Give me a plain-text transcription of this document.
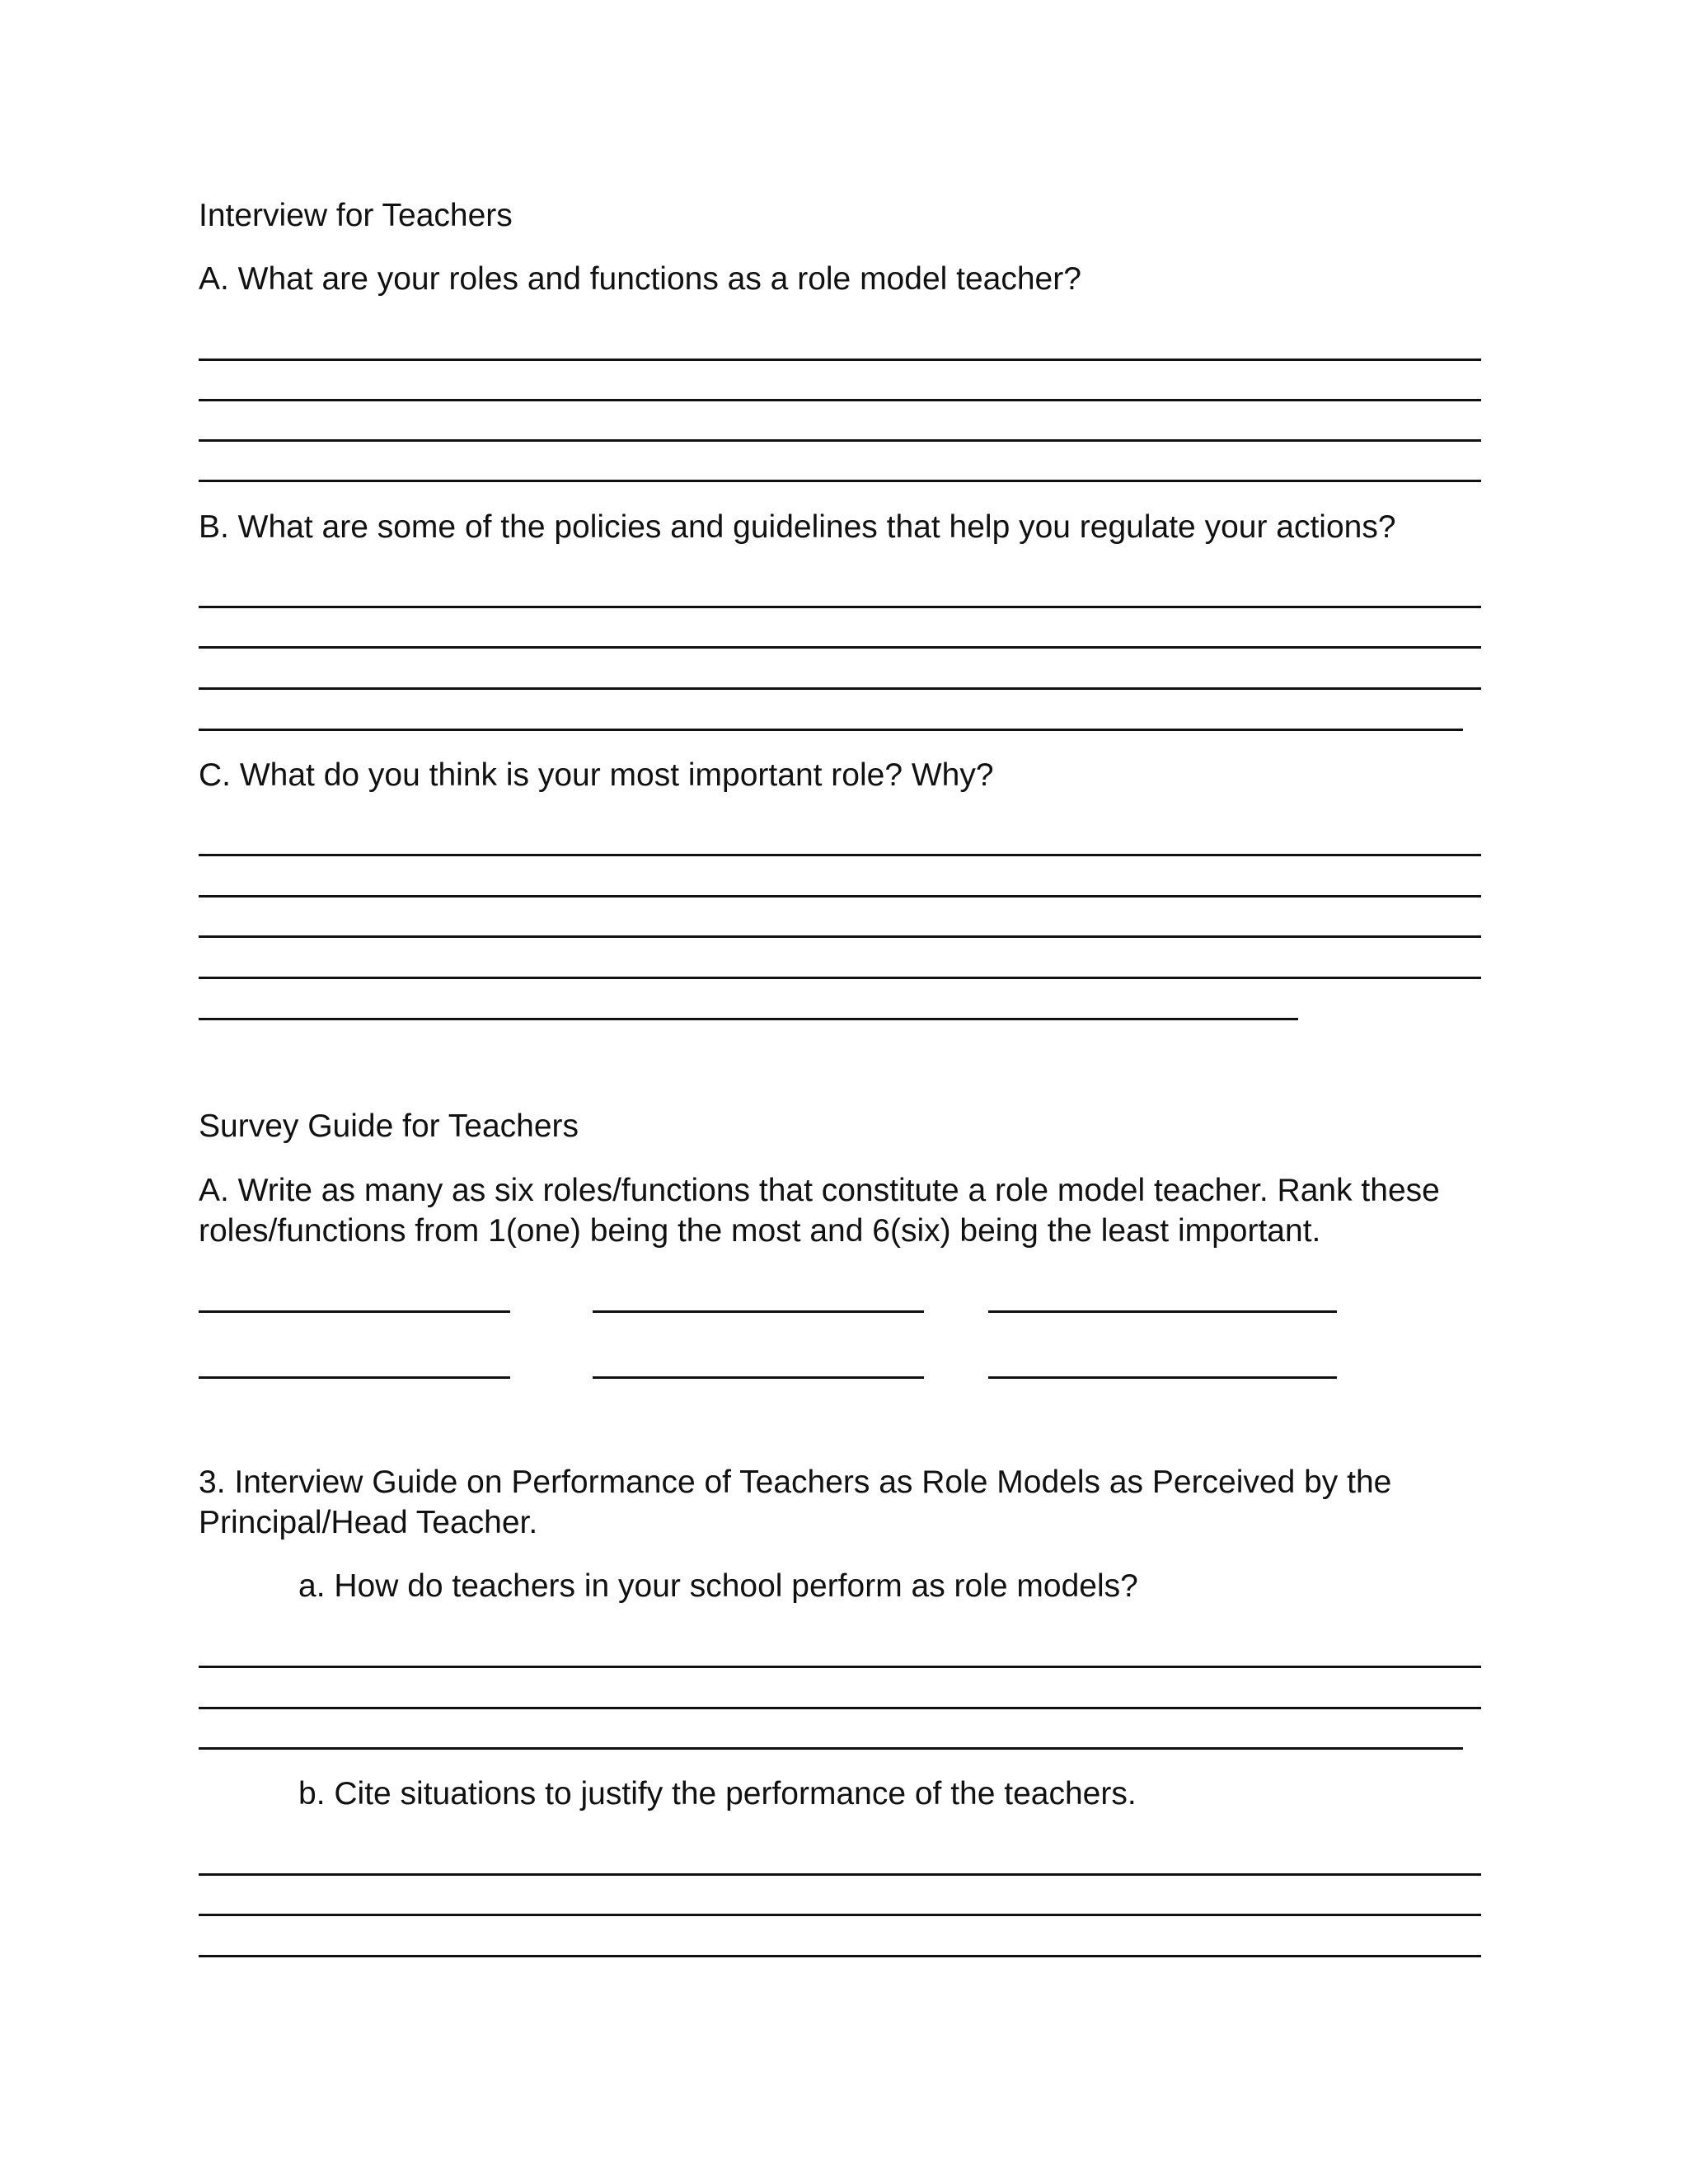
Interview for Teachers
A. What are your roles and functions as a role model teacher?
B. What are some of the policies and guidelines that help you regulate your actions?
C. What do you think is your most important role? Why?
Survey Guide for Teachers
A. Write as many as six roles/functions that constitute a role model teacher. Rank these
roles/functions from 1(one) being the most and 6(six) being the least important.
3. Interview Guide on Performance of Teachers as Role Models as Perceived by the
Principal/Head Teacher.
a. How do teachers in your school perform as role models?
b. Cite situations to justify the performance of the teachers.
